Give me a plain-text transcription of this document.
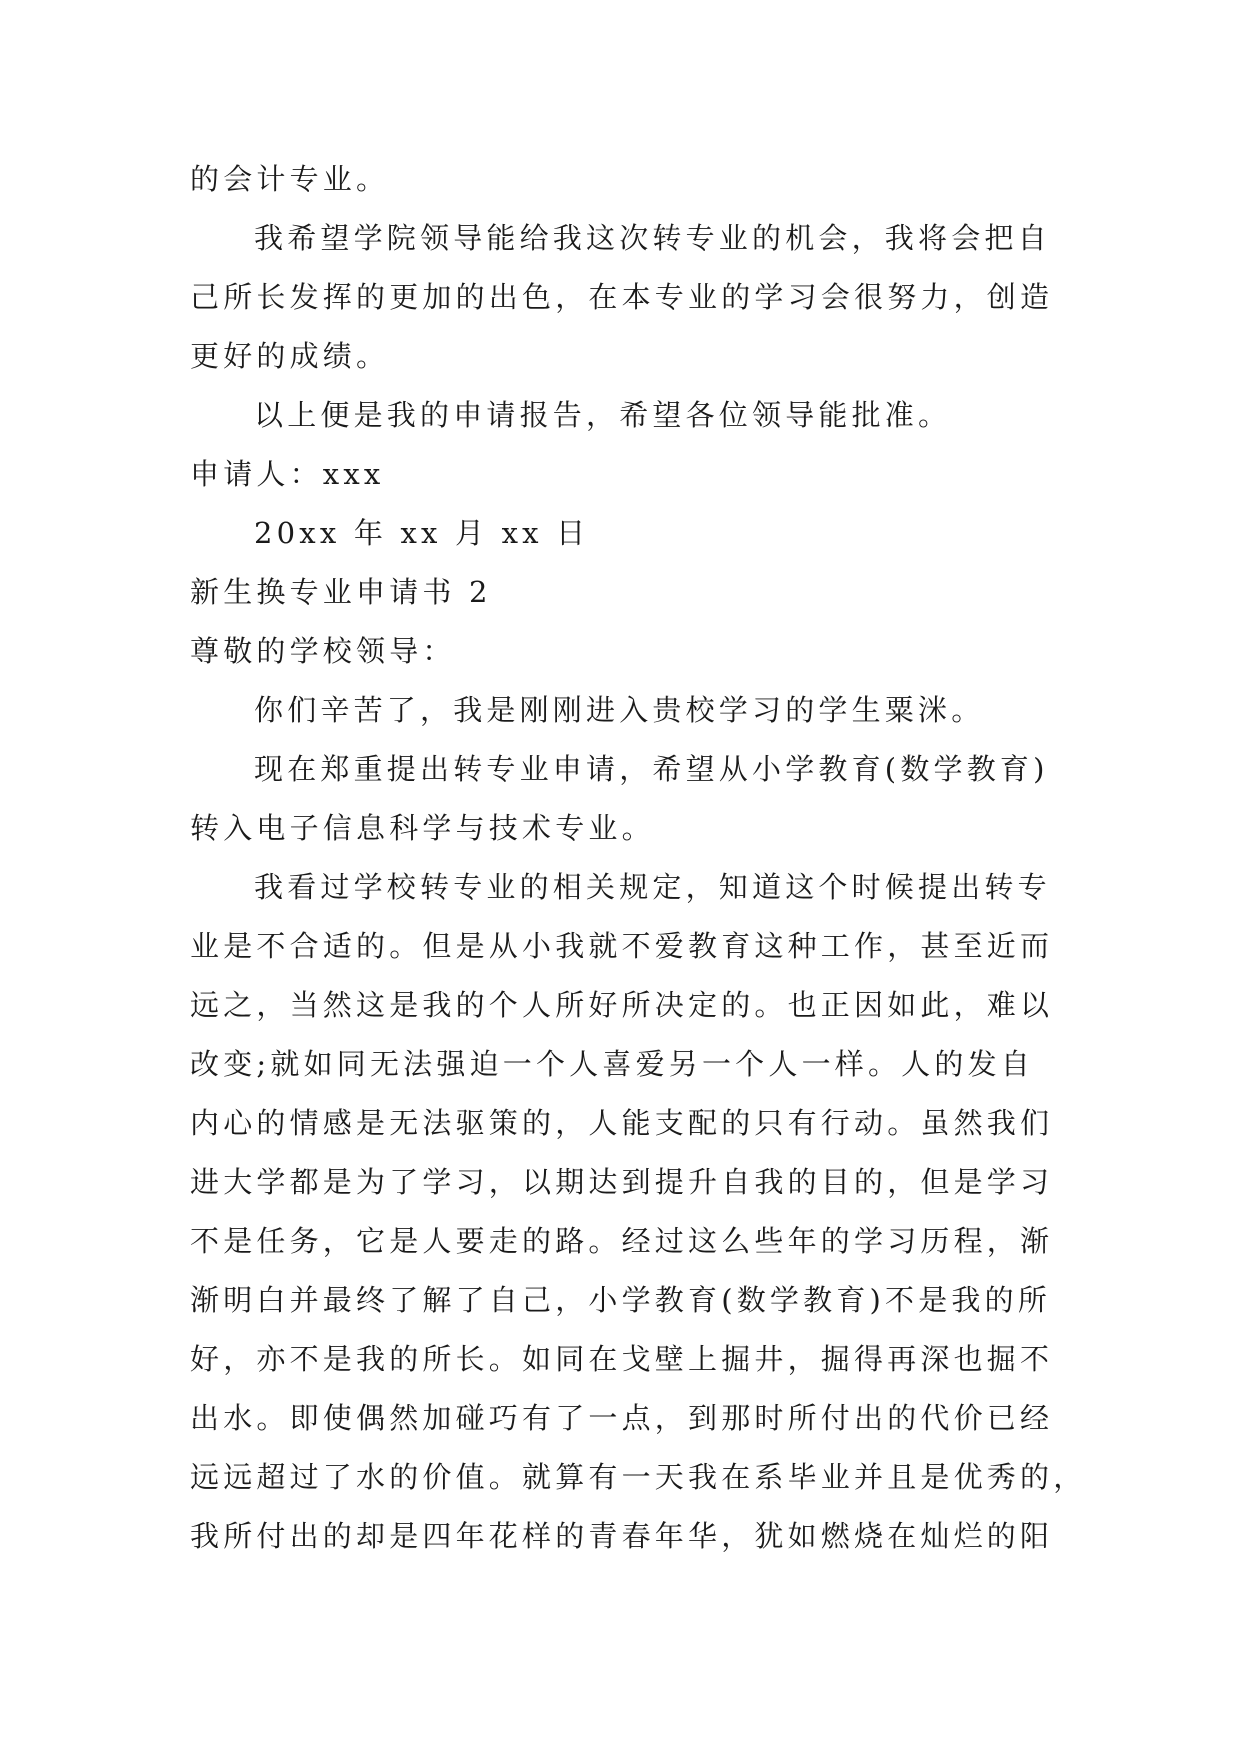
的会计专业。
我希望学院领导能给我这次转专业的机会，我将会把自
己所长发挥的更加的出色，在本专业的学习会很努力，创造
更好的成绩。
以上便是我的申请报告，希望各位领导能批准。
申请人：xxx
20xx 年 xx 月 xx 日
新生换专业申请书 2
尊敬的学校领导：
你们辛苦了，我是刚刚进入贵校学习的学生粟洣。
现在郑重提出转专业申请，希望从小学教育(数学教育)
转入电子信息科学与技术专业。
我看过学校转专业的相关规定，知道这个时候提出转专
业是不合适的。但是从小我就不爱教育这种工作，甚至近而
远之，当然这是我的个人所好所决定的。也正因如此，难以
改变;就如同无法强迫一个人喜爱另一个人一样。人的发自
内心的情感是无法驱策的，人能支配的只有行动。虽然我们
进大学都是为了学习，以期达到提升自我的目的，但是学习
不是任务，它是人要走的路。经过这么些年的学习历程，渐
渐明白并最终了解了自己，小学教育(数学教育)不是我的所
好，亦不是我的所长。如同在戈壁上掘井，掘得再深也掘不
出水。即使偶然加碰巧有了一点，到那时所付出的代价已经
远远超过了水的价值。就算有一天我在系毕业并且是优秀的，
我所付出的却是四年花样的青春年华，犹如燃烧在灿烂的阳
